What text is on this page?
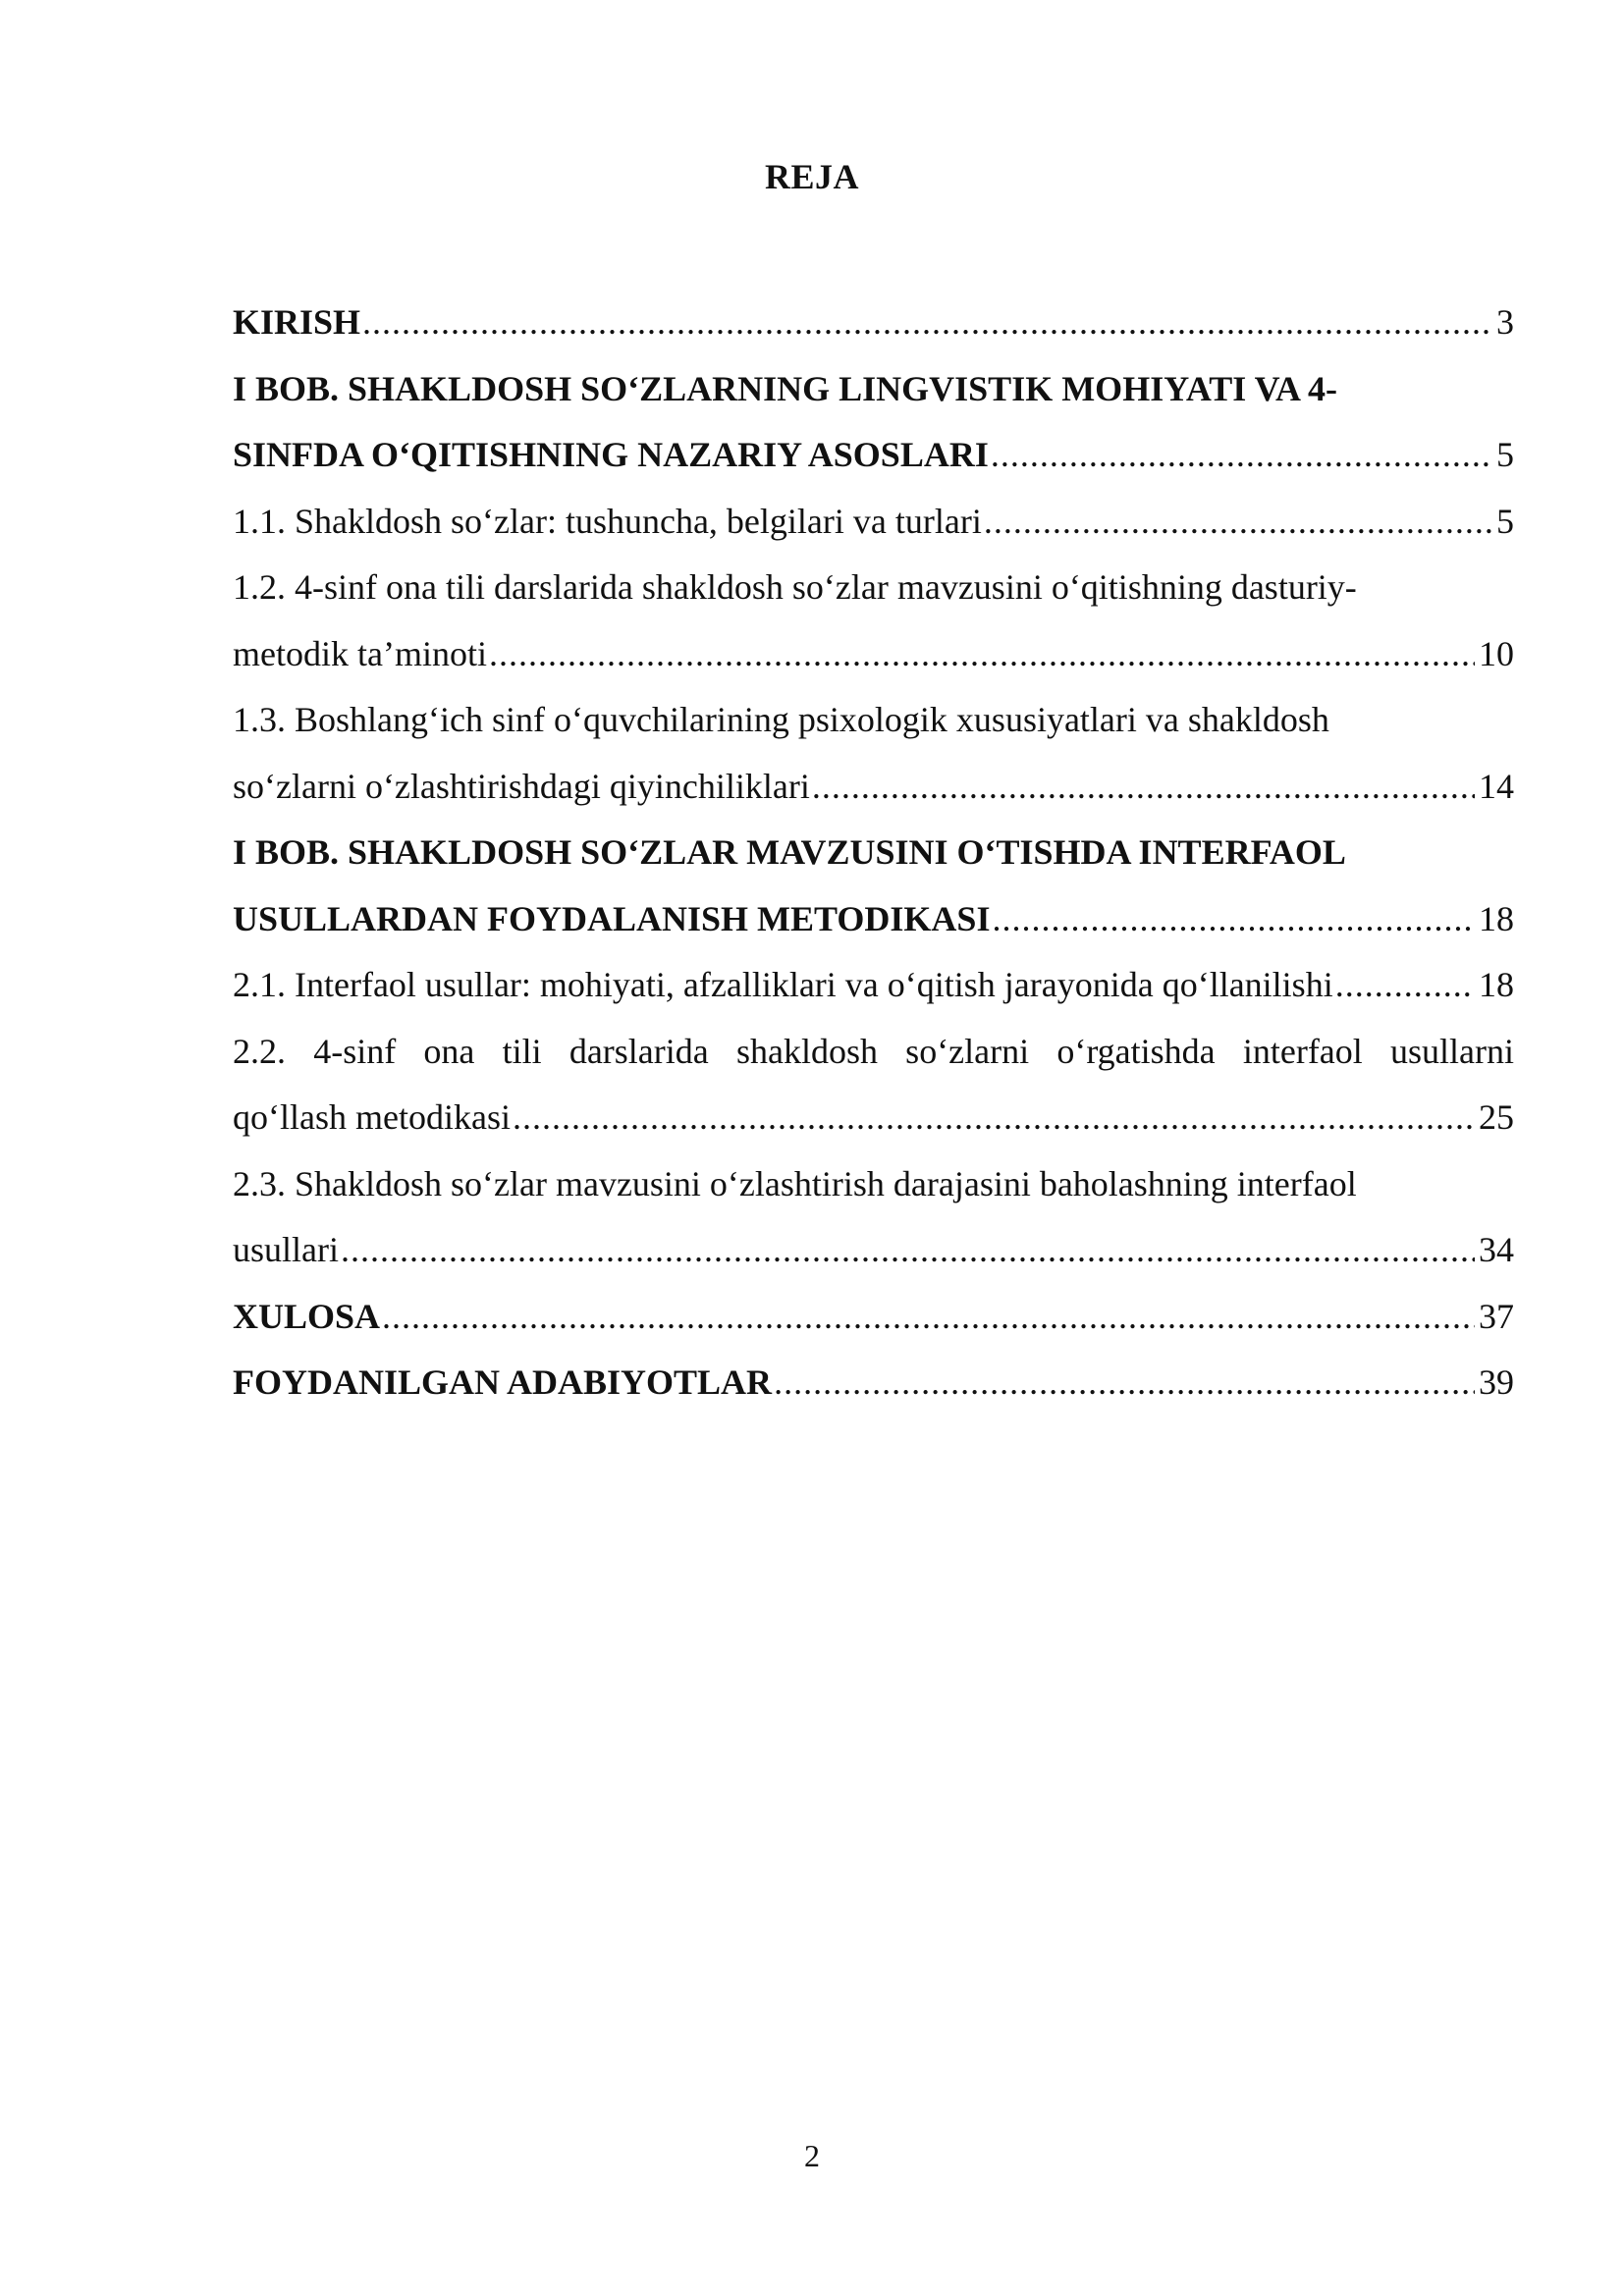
REJA
KIRISH .....	3
I BOB. SHAKLDOSH SO‘ZLARNING LINGVISTIK MOHIYATI VA 4-
SINFDA O‘QITISHNING NAZARIY ASOSLARI .....	5
1.1. Shakldosh so‘zlar: tushuncha, belgilari va turlari .....	5
1.2. 4-sinf ona tili darslarida shakldosh so‘zlar mavzusini o‘qitishning dasturiy-
metodik ta’minoti .....	10
1.3. Boshlang‘ich sinf o‘quvchilarining psixologik xususiyatlari va shakldosh
so‘zlarni o‘zlashtirishdagi qiyinchiliklari .....	14
I BOB. SHAKLDOSH SO‘ZLAR MAVZUSINI O‘TISHDA INTERFAOL
USULLARDAN FOYDALANISH METODIKASI .....	18
2.1. Interfaol usullar: mohiyati, afzalliklari va o‘qitish jarayonida qo‘llanilishi .....	18
2.2. 4-sinf ona tili darslarida shakldosh so‘zlarni o‘rgatishda interfaol usullarni
qo‘llash metodikasi .....	25
2.3. Shakldosh so‘zlar mavzusini o‘zlashtirish darajasini baholashning interfaol
usullari .....	34
XULOSA .....	37
FOYDANILGAN ADABIYOTLAR .....	39
2
